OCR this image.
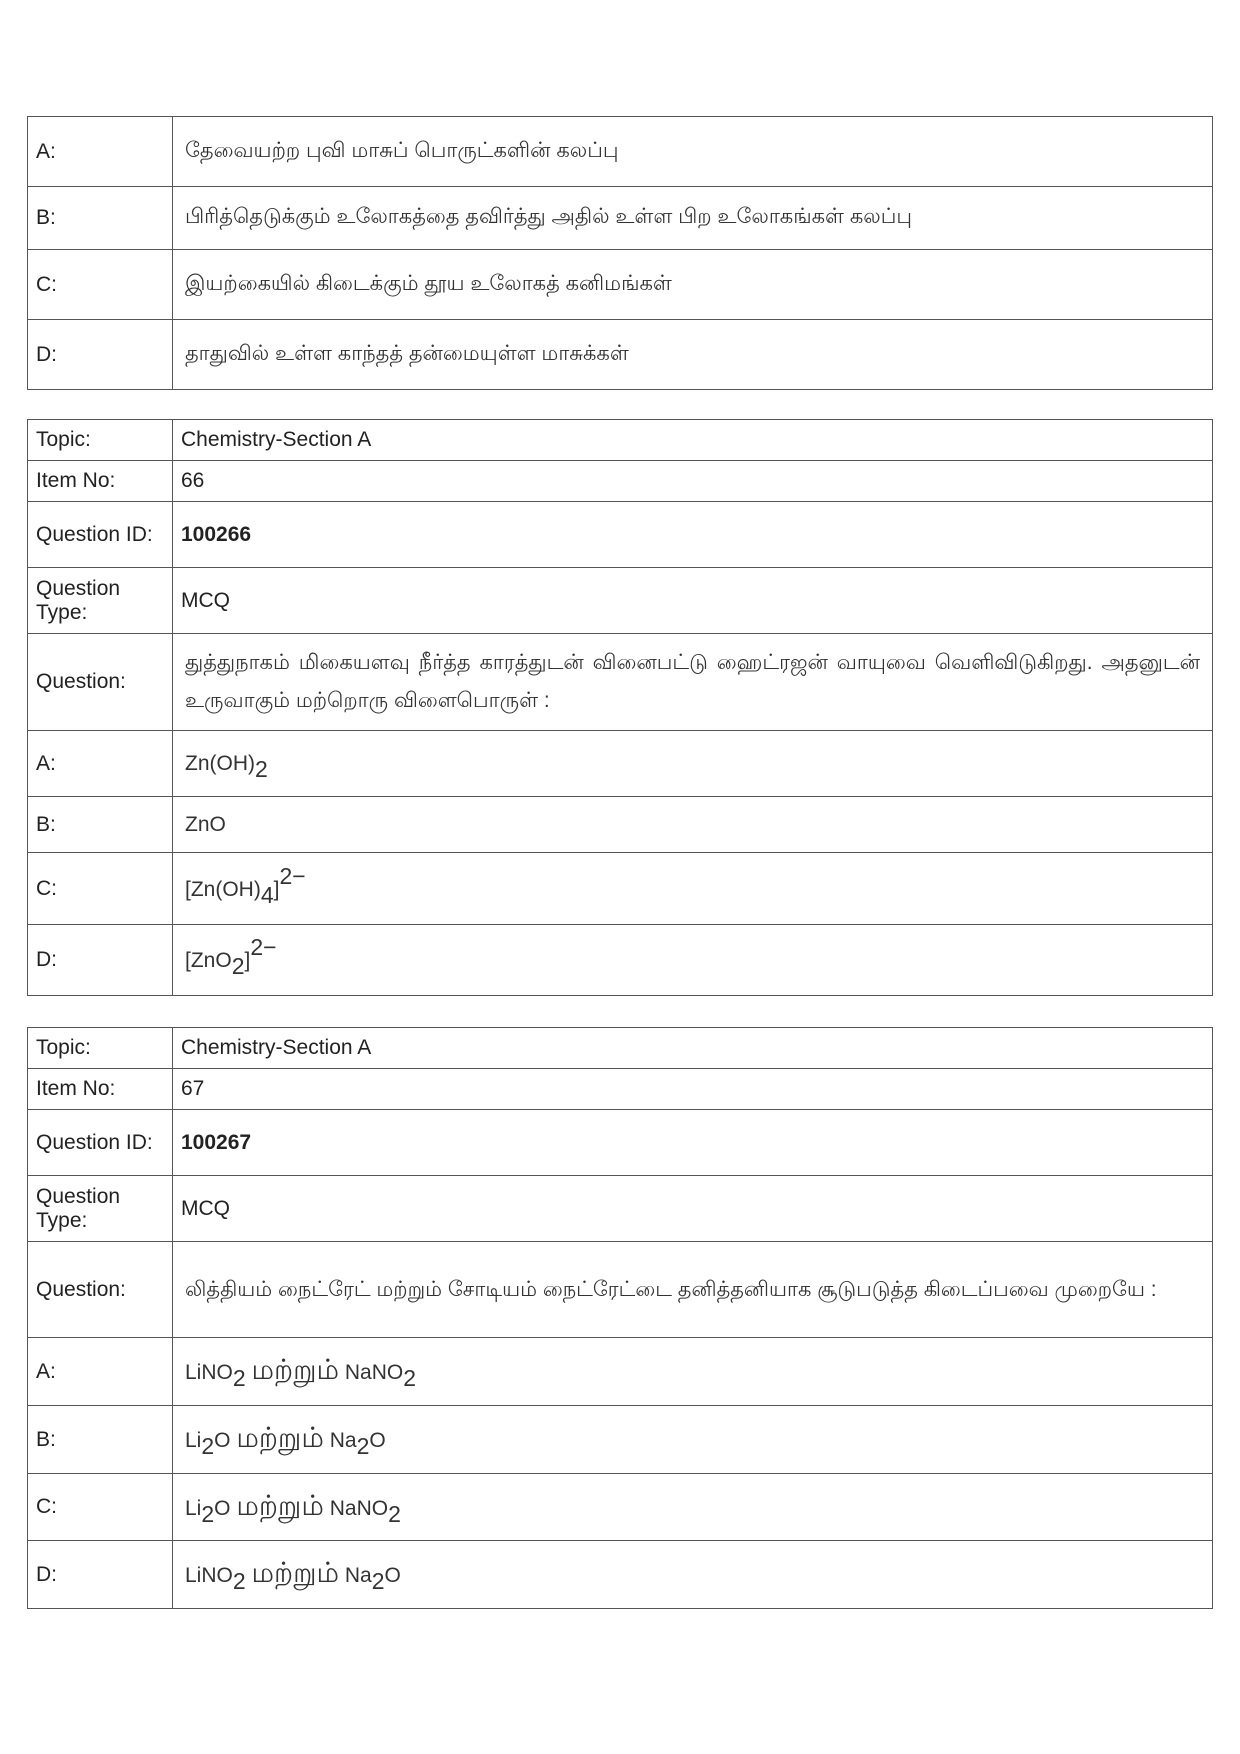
A:	தேவையற்ற புவி மாசுப் பொருட்களின் கலப்பு
B:	பிரித்தெடுக்கும் உலோகத்தை தவிர்த்து அதில் உள்ள பிற உலோகங்கள் கலப்பு
C:	இயற்கையில் கிடைக்கும் தூய உலோகத் கனிமங்கள்
D:	தாதுவில் உள்ள காந்தத் தன்மையுள்ள மாசுக்கள்
Topic:	Chemistry-Section A
Item No:	66
Question ID:	100266
Question Type:	MCQ
Question:	துத்துநாகம் மிகையளவு நீர்த்த காரத்துடன் வினைபட்டு ஹைட்ரஜன் வாயுவை வெளிவிடுகிறது. அதனுடன் உருவாகும் மற்றொரு விளைபொருள் :
A:	$Zn(OH)_2$
B:	ZnO
C:	$[Zn(OH)_4]^{2-}$
D:	$[ZnO_2]^{2-}$
Topic:	Chemistry-Section A
Item No:	67
Question ID:	100267
Question Type:	MCQ
Question:	லித்தியம் நைட்ரேட் மற்றும் சோடியம் நைட்ரேட்டை தனித்தனியாக சூடுபடுத்த கிடைப்பவை முறையே :
A:	LiNO$_2$ மற்றும் NaNO$_2$
B:	$Li_2O$ மற்றும் $Na_2O$
C:	$Li_2O$ மற்றும் NaNO$_2$
D:	LiNO$_2$ மற்றும் $Na_2O$
